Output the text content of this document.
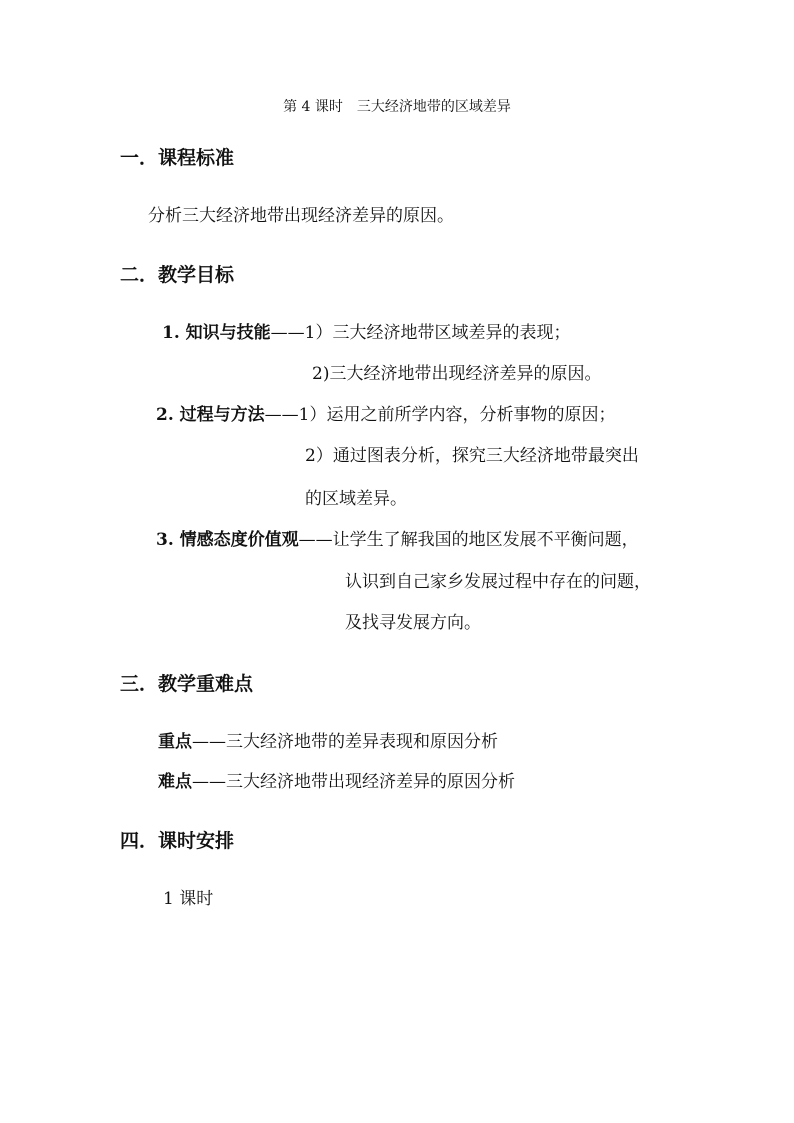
第 4 课时　三大经济地带的区域差异
一．课程标准
分析三大经济地带出现经济差异的原因。
二．教学目标
1. 知识与技能——1）三大经济地带区域差异的表现；
2)三大经济地带出现经济差异的原因。
2. 过程与方法——1）运用之前所学内容，分析事物的原因；
2）通过图表分析，探究三大经济地带最突出
的区域差异。
3. 情感态度价值观——让学生了解我国的地区发展不平衡问题，
认识到自己家乡发展过程中存在的问题，
及找寻发展方向。
三．教学重难点
重点——三大经济地带的差异表现和原因分析
难点——三大经济地带出现经济差异的原因分析
四．课时安排
1 课时
